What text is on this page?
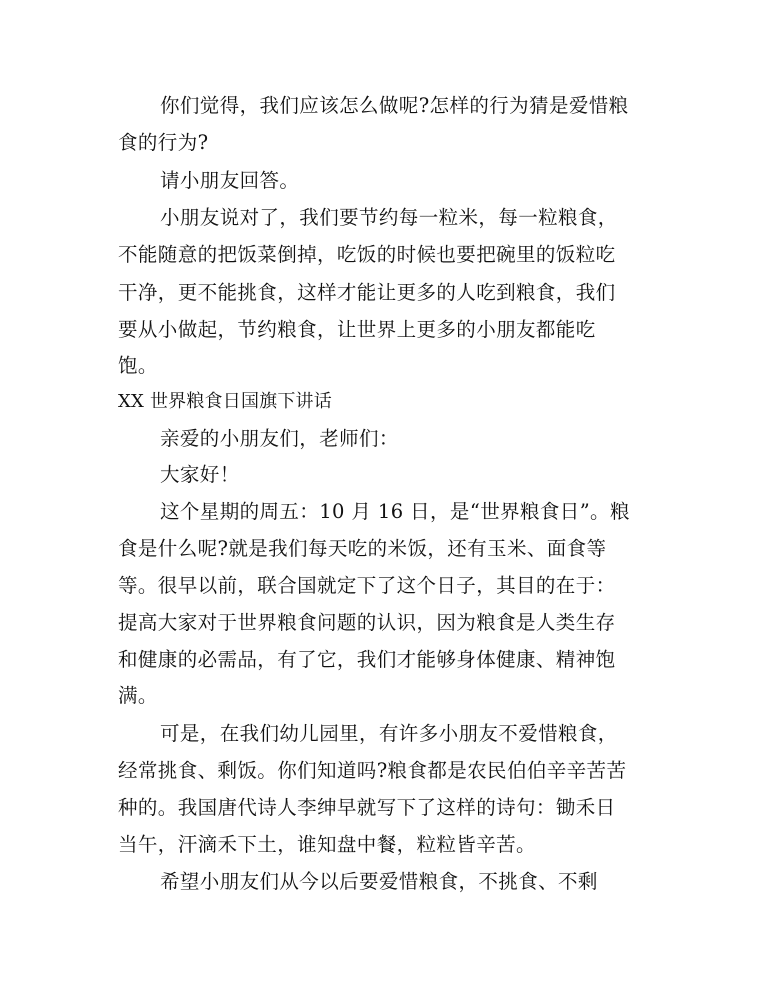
你们觉得，我们应该怎么做呢?怎样的行为猜是爱惜粮
食的行为?
请小朋友回答。
小朋友说对了，我们要节约每一粒米，每一粒粮食，
不能随意的把饭菜倒掉，吃饭的时候也要把碗里的饭粒吃
干净，更不能挑食，这样才能让更多的人吃到粮食，我们
要从小做起，节约粮食，让世界上更多的小朋友都能吃
饱。
XX 世界粮食日国旗下讲话
亲爱的小朋友们，老师们：
大家好！
这个星期的周五：10 月 16 日，是“世界粮食日”。粮
食是什么呢?就是我们每天吃的米饭，还有玉米、面食等
等。很早以前，联合国就定下了这个日子，其目的在于：
提高大家对于世界粮食问题的认识，因为粮食是人类生存
和健康的必需品，有了它，我们才能够身体健康、精神饱
满。
可是，在我们幼儿园里，有许多小朋友不爱惜粮食，
经常挑食、剩饭。你们知道吗?粮食都是农民伯伯辛辛苦苦
种的。我国唐代诗人李绅早就写下了这样的诗句：锄禾日
当午，汗滴禾下土，谁知盘中餐，粒粒皆辛苦。
希望小朋友们从今以后要爱惜粮食，不挑食、不剩
